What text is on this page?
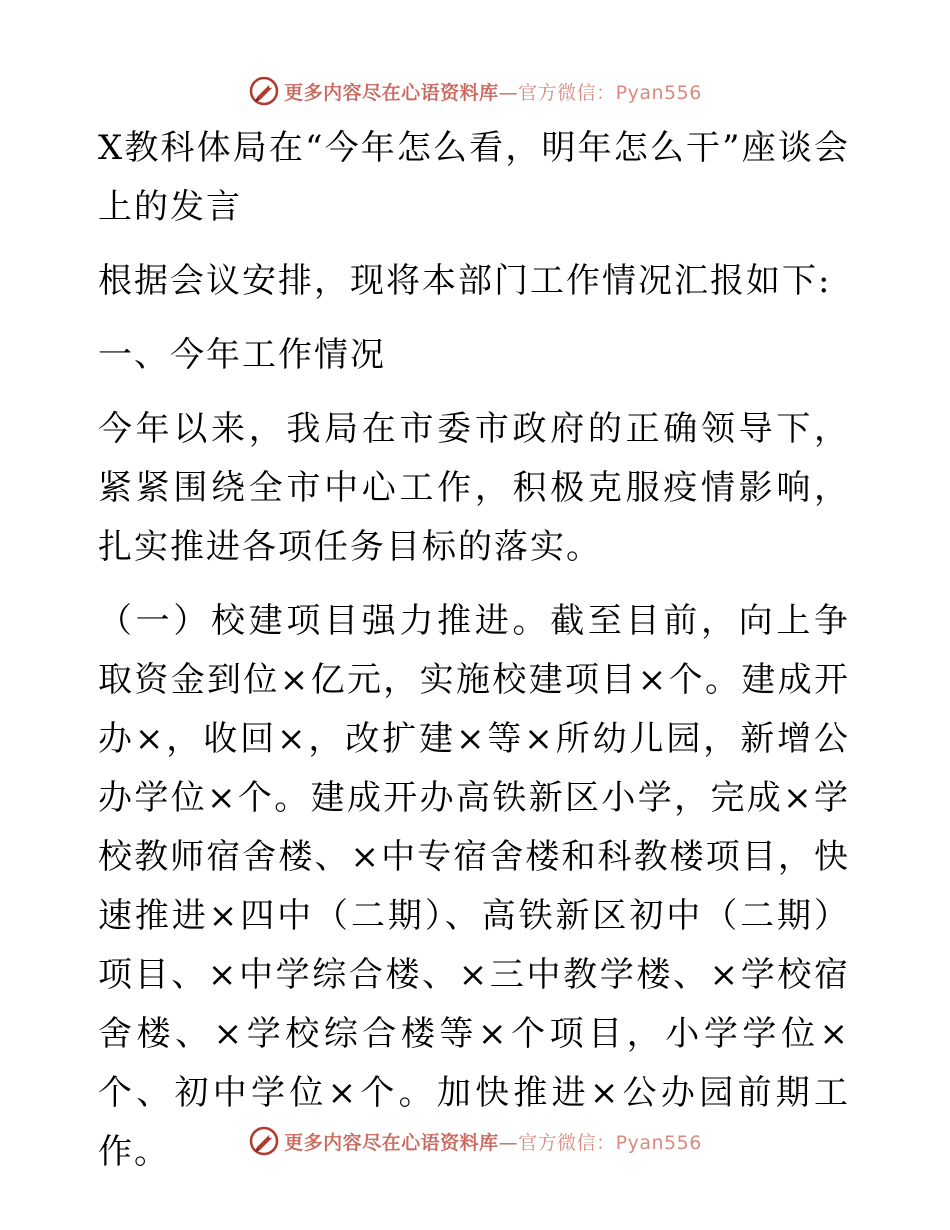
更多内容尽在心语资料库—官方微信：Pyan556

X教科体局在“今年怎么看，明年怎么干”座谈会上的发言

根据会议安排，现将本部门工作情况汇报如下:

一、今年工作情况

今年以来，我局在市委市政府的正确领导下，紧紧围绕全市中心工作，积极克服疫情影响，扎实推进各项任务目标的落实。

（一）校建项目强力推进。截至目前，向上争取资金到位×亿元，实施校建项目×个。建成开办×，收回×，改扩建×等×所幼儿园，新增公办学位×个。建成开办高铁新区小学，完成×学校教师宿舍楼、×中专宿舍楼和科教楼项目，快速推进×四中（二期）、高铁新区初中（二期）项目、×中学综合楼、×三中教学楼、×学校宿舍楼、×学校综合楼等×个项目，小学学位×个、初中学位×个。加快推进×公办园前期工作。	更多内容尽在心语资料库—官方微信：Pyan556
